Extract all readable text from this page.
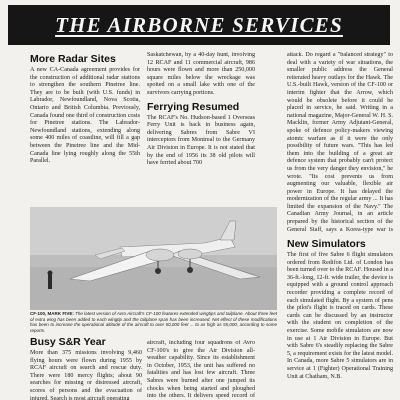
THE AIRBORNE SERVICES
More Radar Sites

A new CA-Canada agreement provides for the construction of additional radar stations to strengthen the southern Pinetree line. They are to be built (with U.S. funds) in Labrador, Newfoundland, Nova Scotia, Ontario and British Columbia. Previously, Canada found one third of construction costs for Pinetree stations. The Labrador-Newfoundland stations, extending along some 400 miles of coastline, will fill a gap between the Pinetree line and the Mid-Canada line lying roughly along the 55th Parallel.

Saskatchewan, by a 40-day hunt, involving 12 RCAF and 11 commercial aircraft, 986 hours were flown and more than 250,000 square miles below the wreckage was spotted on a small lake with one of the survivors carrying portions.

Ferrying Resumed

The RCAF's No. Hudson-based 1 Overseas Ferry Unit is back in business again, delivering Sabres from Sabre VI interceptors from Montreal to the Germany Air Division in Europe. It is not stated that by the end of 1956 its 38 old pilots will have ferried about 700

attack. Do regard a "balanced strategy" to deal with a variety of war situations, the smaller public address the General reiterated heavy outlays for the Hawk. The U.S.-built Hawk, version of the CF-100 or interim fighter that the Arrow, which would be obsolete before it could be placed in service, he said. Writing in a national magazine, Major-General W. H. S. Macklin, former Army Adjutant-General, spoke of defence policy-makers viewing atomic warfare as if it were the only possibility of future wars. "This has led them into the building of a great air defence system that probably can't protect us from the very danger they envision," he wrote. "Its cost prevents us from augmenting our valuable, flexible air power in Europe. It has delayed the modernization of the regular army ... It has limited the expansion of the Navy." The Canadian Army Journal, in an article prepared by the historical section of the General Staff, says a Korea-type war is

New Simulators

The first of five Sabre 6 flight simulators ordered from Redifon Ltd. of London has been turned over to the RCAF. Housed in a 36-ft.-long, 12-ft. wide trailer, the device is equipped with a ground control approach recorder providing a complete record of each simulated flight. By a system of pens the pilot's flight is traced on cards. These cards can be discussed by an instructor with the student on completion of the exercise. Some mobile simulators are now in use at 1 Air Division in Europe. But with Sabre 6's steadily replacing the Sabre 5, a requirement exists for the latest model. In Canada, more Sabre 5 simulators are in service at 1 (Fighter) Operational Training Unit at Chatham, N.B.

CF-100, MARK FIVE: The latest version of Avro Aircraft's CF-100 features extended wingtips and tailplane. About three feet of extra wing has been added to each wingtip and the tailplane span has been increased. Net effect of these modifications has been to increase the operational altitude of the aircraft to over 50,000 feet ... to as high as 55,000, according to some reports.
Busy S&R Year

More than 375 missions involving 9,460 flying hours were flown during 1955 by RCAF aircraft on search and rescue duty. There were 180 mercy flights; about 90 searches for missing or distressed aircraft, scores of persons and the evacuation of injured. Search is most aircraft operating

aircraft, including four squadrons of Avro CF-100's to give the Air Division all-weather capability. Since its establishment in October, 1953, the unit has suffered no fatalities and has lost few aircraft. Three Sabres were burned after one jumped its chocks when being started and ploughed into the others. It delivers speed record of
